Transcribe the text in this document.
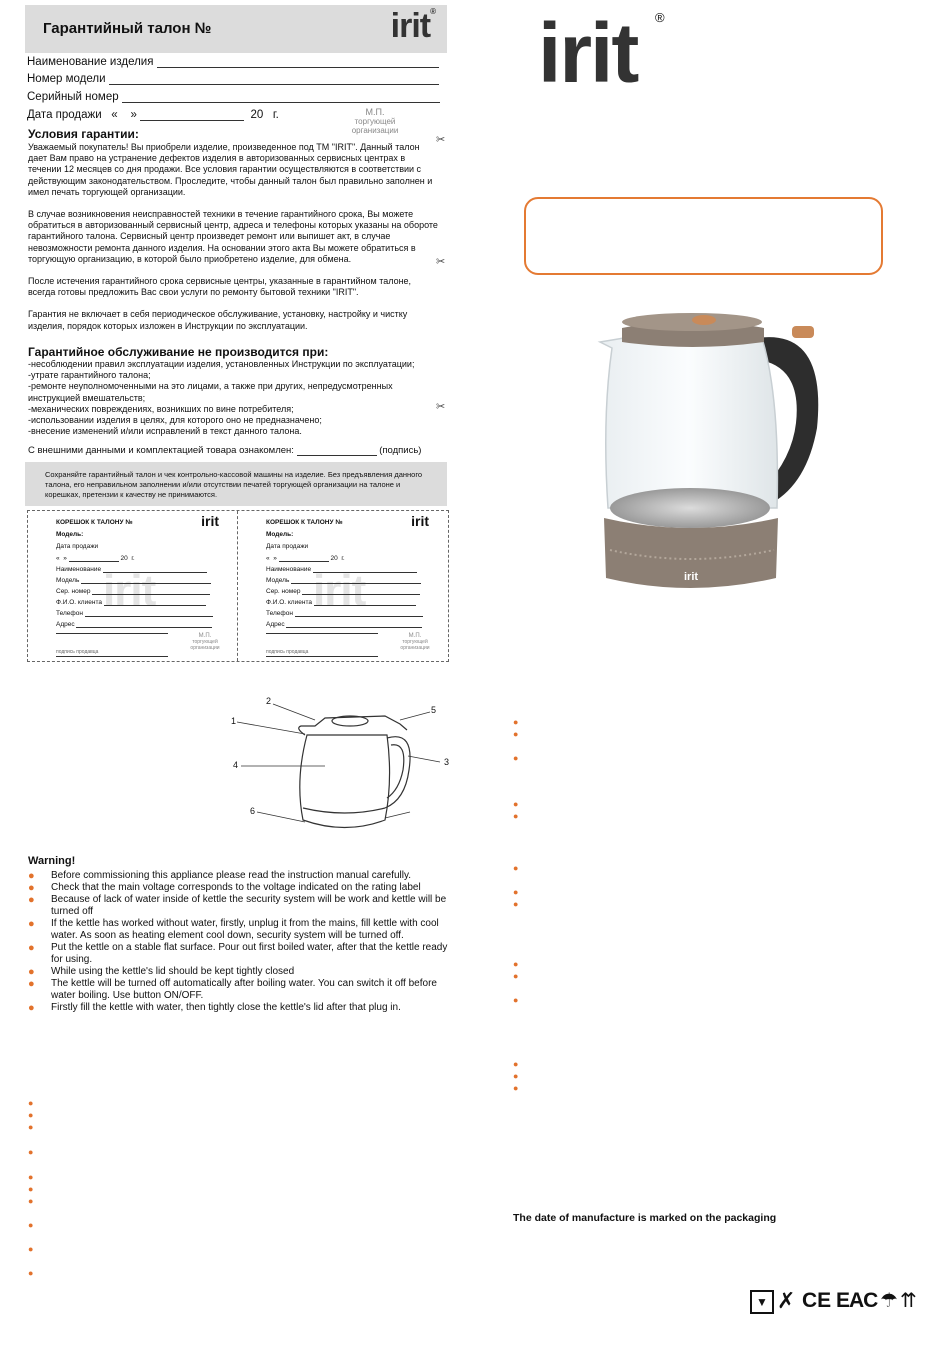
Гарантийный талон №	irit®
Наименование изделия
Номер модели
Серийный номер
Дата продажи « »	20 г.	М.П.
торгующей
организации
Условия гарантии:	✂

Уважаемый покупатель! Вы приобрели изделие, произведенное под ТМ "IRIT". Данный талон дает Вам право на устранение дефектов изделия в авторизованных сервисных центрах в течении 12 месяцев со дня продажи. Все условия гарантии осуществляются в соответствии с действующим законодательством. Проследите, чтобы данный талон был правильно заполнен и имел печать торгующей организации.

В случае возникновения неисправностей техники в течение гарантийного срока, Вы можете обратиться в авторизованный сервисный центр, адреса и телефоны которых указаны на обороте гарантийного талона. Сервисный центр произведет ремонт или выпишет акт, в случае невозможности ремонта данного изделия. На основании этого акта Вы можете обратиться в торгующую организацию, в которой было приобретено изделие, для обмена.

После истечения гарантийного срока сервисные центры, указанные в гарантийном талоне, всегда готовы предложить Вас свои услуги по ремонту бытовой техники "IRIT".

Гарантия не включает в себя периодическое обслуживание, установку, настройку и чистку изделия, порядок которых изложен в Инструкции по эксплуатации.

✂
Гарантийное обслуживание не производится при:

-несоблюдении правил эксплуатации изделия, установленных Инструкции по эксплуатации;

-утрате гарантийного талона;

-ремонте неуполномоченными на это лицами, а также при других, непредусмотренных инструкцией вмешательств;

-механических повреждениях, возникших по вине потребителя;

-использовании изделия в целях, для которого оно не предназначено;

-внесение изменений и/или исправлений в текст данного талона.

✂
С внешними данными и комплектацией товара ознакомлен:	(подпись)
Сохраняйте гарантийный талон и чек контрольно-кассовой машины на изделие. Без предъявления данного талона, его неправильном заполнении и/или отсутствии печатей торгующей организации на талоне и корешках, претензии к качеству не принимаются.
irit
КОРЕШОК К ТАЛОНУ №	irit
Модель:
Дата продажи
« »	20 г.
Наименование
Модель
Сер. номер
Ф.И.О. клиента
Телефон
Адрес
М.П.
торгующей
организации
подпись продавца
irit
КОРЕШОК К ТАЛОНУ №	irit
Модель:
Дата продажи
« »	20 г.
Наименование
Модель
Сер. номер
Ф.И.О. клиента
Телефон
Адрес
М.П.
торгующей
организации
подпись продавца
1
2
3
4
5
6
Warning!
● Before commissioning this appliance please read the instruction manual carefully.
● Check that the main voltage corresponds to the voltage indicated on the rating label
● Because of lack of water inside of kettle the security system will be work and kettle will be turned off
● If the kettle has worked without water, firstly, unplug it from the mains, fill kettle with cool water. As soon as heating element cool down, security system will be turned off.
● Put the kettle on a stable flat surface. Pour out first boiled water, after that the kettle ready for using.
● While using the kettle's lid should be kept tightly closed
● The kettle will be turned off automatically after boiling water. You can switch it off before water boiling. Use button ON/OFF.
● Firstly fill the kettle with water, then tightly close the kettle's lid after that plug in.
●
●
●
●
●
●
●
●
●
●
irit ®
irit
●
●
●
●
●
●
●
●
●
●
●
●
●
●
The date of manufacture is marked on the packaging
▼ ✗ CE EAC ☂ ⇈
